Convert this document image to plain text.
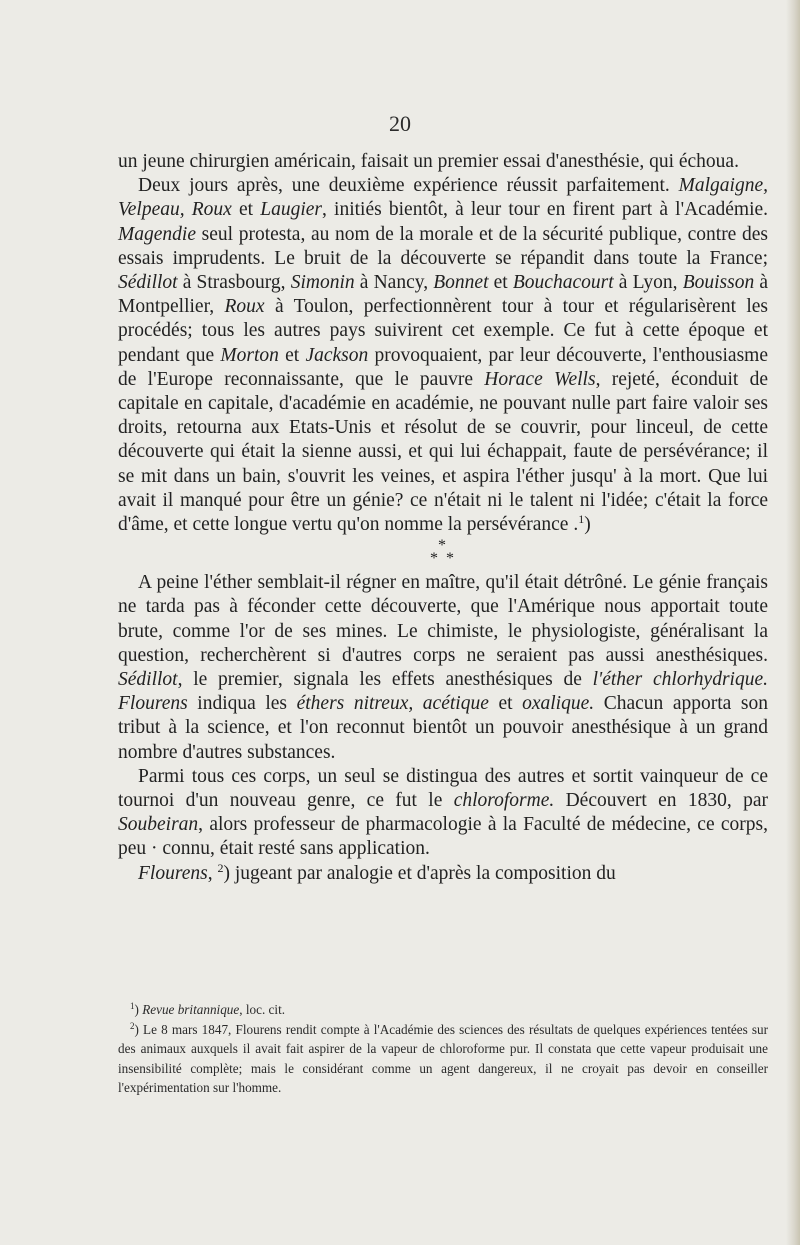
20

un jeune chirurgien américain, faisait un premier essai d'anesthésie, qui échoua.

Deux jours après, une deuxième expérience réussit parfaitement. Malgaigne, Velpeau, Roux et Laugier, initiés bientôt, à leur tour en firent part à l'Académie. Magendie seul protesta, au nom de la morale et de la sécurité publique, contre des essais imprudents. Le bruit de la découverte se répandit dans toute la France; Sédillot à Strasbourg, Simonin à Nancy, Bonnet et Bouchacourt à Lyon, Bouisson à Montpellier, Roux à Toulon, perfectionnèrent tour à tour et régularisèrent les procédés; tous les autres pays suivirent cet exemple. Ce fut à cette époque et pendant que Morton et Jackson provoquaient, par leur découverte, l'enthousiasme de l'Europe reconnaissante, que le pauvre Horace Wells, rejeté, éconduit de capitale en capitale, d'académie en académie, ne pouvant nulle part faire valoir ses droits, retourna aux Etats-Unis et résolut de se couvrir, pour linceul, de cette découverte qui était la sienne aussi, et qui lui échappait, faute de persévérance; il se mit dans un bain, s'ouvrit les veines, et aspira l'éther jusqu' à la mort. Que lui avait il manqué pour être un génie? ce n'était ni le talent ni l'idée; c'était la force d'âme, et cette longue vertu qu'on nomme la persévérance .$^1$)

*
* *

A peine l'éther semblait-il régner en maître, qu'il était détrôné. Le génie français ne tarda pas à féconder cette découverte, que l'Amérique nous apportait toute brute, comme l'or de ses mines. Le chimiste, le physiologiste, généralisant la question, recherchèrent si d'autres corps ne seraient pas aussi anesthésiques. Sédillot, le premier, signala les effets anesthésiques de l'éther chlorhydrique. Flourens indiqua les éthers nitreux, acétique et oxalique. Chacun apporta son tribut à la science, et l'on reconnut bientôt un pouvoir anesthésique à un grand nombre d'autres substances.

Parmi tous ces corps, un seul se distingua des autres et sortit vainqueur de ce tournoi d'un nouveau genre, ce fut le chloroforme. Découvert en 1830, par Soubeiran, alors professeur de pharmacologie à la Faculté de médecine, ce corps, peu · connu, était resté sans application.

Flourens, $^2$) jugeant par analogie et d'après la composition du

$^1$) Revue britannique, loc. cit.

$^2$) Le 8 mars 1847, Flourens rendit compte à l'Académie des sciences des résultats de quelques expériences tentées sur des animaux auxquels il avait fait aspirer de la vapeur de chloroforme pur. Il constata que cette vapeur produisait une insensibilité complète; mais le considérant comme un agent dangereux, il ne croyait pas devoir en conseiller l'expérimentation sur l'homme.
